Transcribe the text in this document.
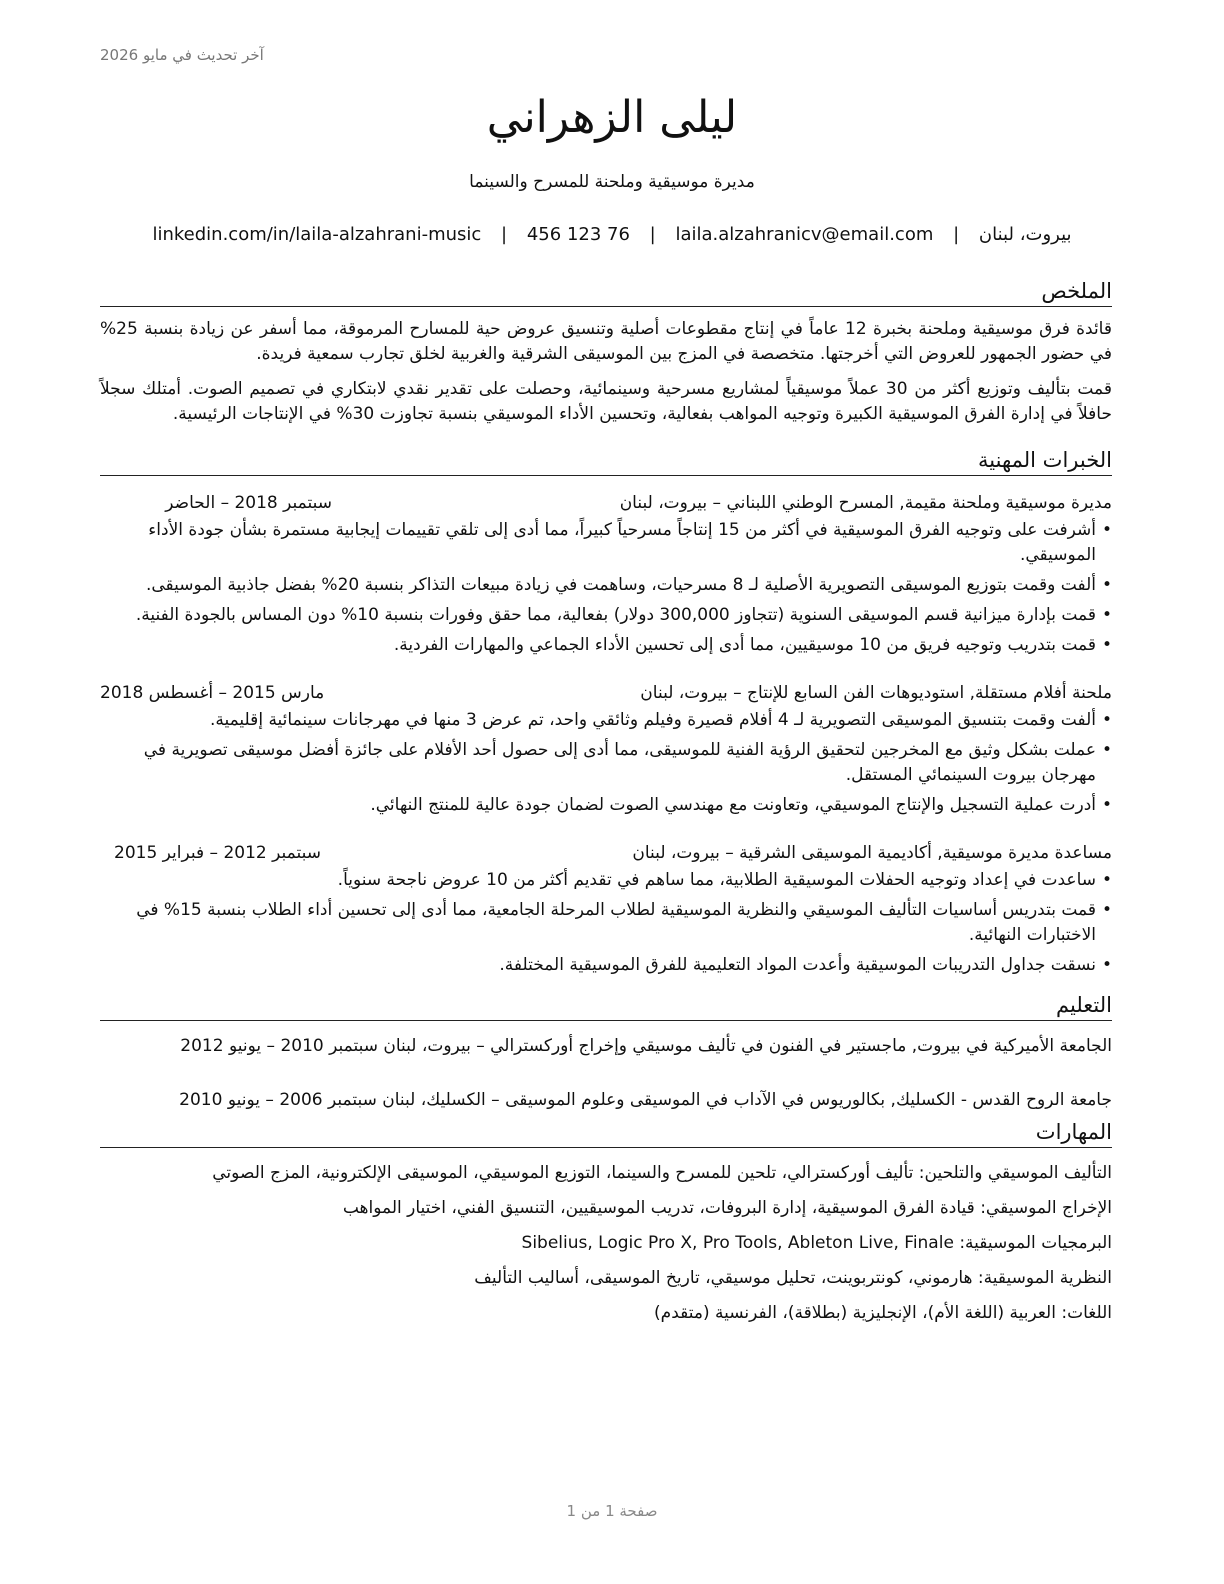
آخر تحديث في مايو 2026
ليلى الزهراني
مديرة موسيقية وملحنة للمسرح والسينما
بيروت، لبنان | laila.alzahranicv@email.com | 456 123 76 | linkedin.com/in/laila-alzahrani-music
الملخص

قائدة فرق موسيقية وملحنة بخبرة 12 عاماً في إنتاج مقطوعات أصلية وتنسيق عروض حية للمسارح المرموقة، مما أسفر عن زيادة بنسبة 25% في حضور الجمهور للعروض التي أخرجتها. متخصصة في المزج بين الموسيقى الشرقية والغربية لخلق تجارب سمعية فريدة.

قمت بتأليف وتوزيع أكثر من 30 عملاً موسيقياً لمشاريع مسرحية وسينمائية، وحصلت على تقدير نقدي لابتكاري في تصميم الصوت. أمتلك سجلاً حافلاً في إدارة الفرق الموسيقية الكبيرة وتوجيه المواهب بفعالية، وتحسين الأداء الموسيقي بنسبة تجاوزت 30% في الإنتاجات الرئيسية.

الخبرات المهنية
مديرة موسيقية وملحنة مقيمة, المسرح الوطني اللبناني – بيروت، لبنان
سبتمبر 2018 – الحاضر
• أشرفت على وتوجيه الفرق الموسيقية في أكثر من 15 إنتاجاً مسرحياً كبيراً، مما أدى إلى تلقي تقييمات إيجابية مستمرة بشأن جودة الأداء الموسيقي.
• ألفت وقمت بتوزيع الموسيقى التصويرية الأصلية لـ 8 مسرحيات، وساهمت في زيادة مبيعات التذاكر بنسبة 20% بفضل جاذبية الموسيقى.
• قمت بإدارة ميزانية قسم الموسيقى السنوية (تتجاوز 300,000 دولار) بفعالية، مما حقق وفورات بنسبة 10% دون المساس بالجودة الفنية.
• قمت بتدريب وتوجيه فريق من 10 موسيقيين، مما أدى إلى تحسين الأداء الجماعي والمهارات الفردية.
ملحنة أفلام مستقلة, استوديوهات الفن السابع للإنتاج – بيروت، لبنان
مارس 2015 – أغسطس 2018
• ألفت وقمت بتنسيق الموسيقى التصويرية لـ 4 أفلام قصيرة وفيلم وثائقي واحد، تم عرض 3 منها في مهرجانات سينمائية إقليمية.
• عملت بشكل وثيق مع المخرجين لتحقيق الرؤية الفنية للموسيقى، مما أدى إلى حصول أحد الأفلام على جائزة أفضل موسيقى تصويرية في مهرجان بيروت السينمائي المستقل.
• أدرت عملية التسجيل والإنتاج الموسيقي، وتعاونت مع مهندسي الصوت لضمان جودة عالية للمنتج النهائي.
مساعدة مديرة موسيقية, أكاديمية الموسيقى الشرقية – بيروت، لبنان
سبتمبر 2012 – فبراير 2015
• ساعدت في إعداد وتوجيه الحفلات الموسيقية الطلابية، مما ساهم في تقديم أكثر من 10 عروض ناجحة سنوياً.
• قمت بتدريس أساسيات التأليف الموسيقي والنظرية الموسيقية لطلاب المرحلة الجامعية، مما أدى إلى تحسين أداء الطلاب بنسبة 15% في الاختبارات النهائية.
• نسقت جداول التدريبات الموسيقية وأعدت المواد التعليمية للفرق الموسيقية المختلفة.
التعليم
الجامعة الأميركية في بيروت, ماجستير في الفنون في تأليف موسيقي وإخراج أوركسترالي – بيروت، لبنان سبتمبر 2010 – يونيو 2012
جامعة الروح القدس - الكسليك, بكالوريوس في الآداب في الموسيقى وعلوم الموسيقى – الكسليك، لبنان سبتمبر 2006 – يونيو 2010
المهارات
التأليف الموسيقي والتلحين: تأليف أوركسترالي، تلحين للمسرح والسينما، التوزيع الموسيقي، الموسيقى الإلكترونية، المزج الصوتي
الإخراج الموسيقي: قيادة الفرق الموسيقية، إدارة البروفات، تدريب الموسيقيين، التنسيق الفني، اختيار المواهب
البرمجيات الموسيقية: Sibelius, Logic Pro X, Pro Tools, Ableton Live, Finale
النظرية الموسيقية: هارموني، كونتربوينت، تحليل موسيقي، تاريخ الموسيقى، أساليب التأليف
اللغات: العربية (اللغة الأم)، الإنجليزية (بطلاقة)، الفرنسية (متقدم)
صفحة 1 من 1
